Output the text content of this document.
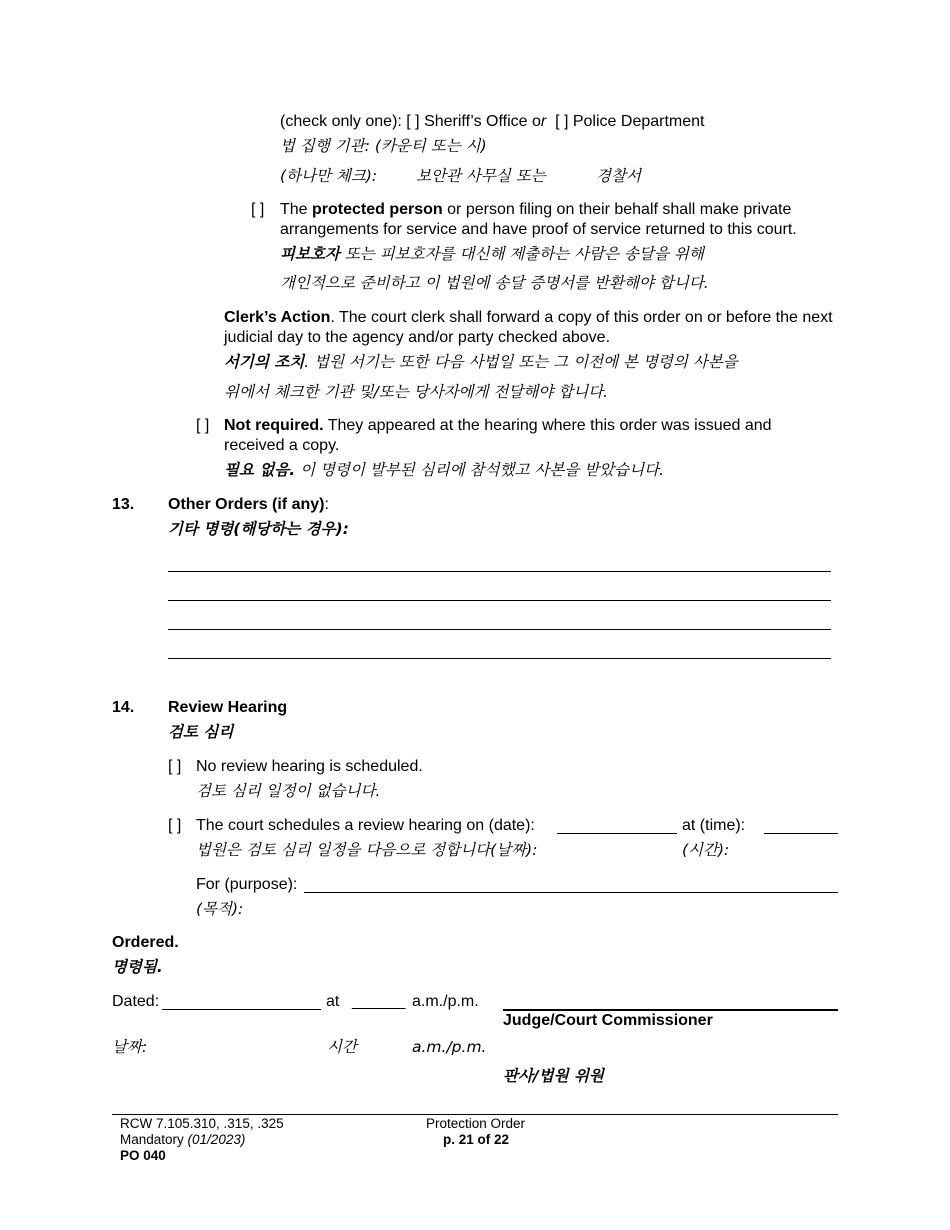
(check only one): [ ] Sheriff’s Office or  [ ] Police Department
법 집행 기관: (카운티 또는 시)
(하나만 체크):	보안관 사무실 또는	경찰서
[ ] The protected person or person filing on their behalf shall make private arrangements for service and have proof of service returned to this court.
피보호자 또는 피보호자를 대신해 제출하는 사람은 송달을 위해
개인적으로 준비하고 이 법원에 송달 증명서를 반환해야 합니다.
Clerk’s Action. The court clerk shall forward a copy of this order on or before the next judicial day to the agency and/or party checked above.
서기의 조치. 법원 서기는 또한 다음 사법일 또는 그 이전에 본 명령의 사본을
위에서 체크한 기관 및/또는 당사자에게 전달해야 합니다.
[ ] Not required. They appeared at the hearing where this order was issued and received a copy.
필요 없음. 이 명령이 발부된 심리에 참석했고 사본을 받았습니다.
13. Other Orders (if any):
기타 명령(해당하는 경우):
14. Review Hearing
검토 심리
[ ] No review hearing is scheduled.
검토 심리 일정이 없습니다.
[ ] The court schedules a review hearing on (date):	at (time):
법원은 검토 심리 일정을 다음으로 정합니다(날짜):	(시간):
For (purpose):
(목적):
Ordered.
명령됨.
Dated:	at ______ a.m./p.m.
Judge/Court Commissioner
날짜:	시간	a.m./p.m.
판사/법원 위원
RCW 7.105.310, .315, .325
Mandatory (01/2023)
PO 040
Protection Order
p. 21 of 22
